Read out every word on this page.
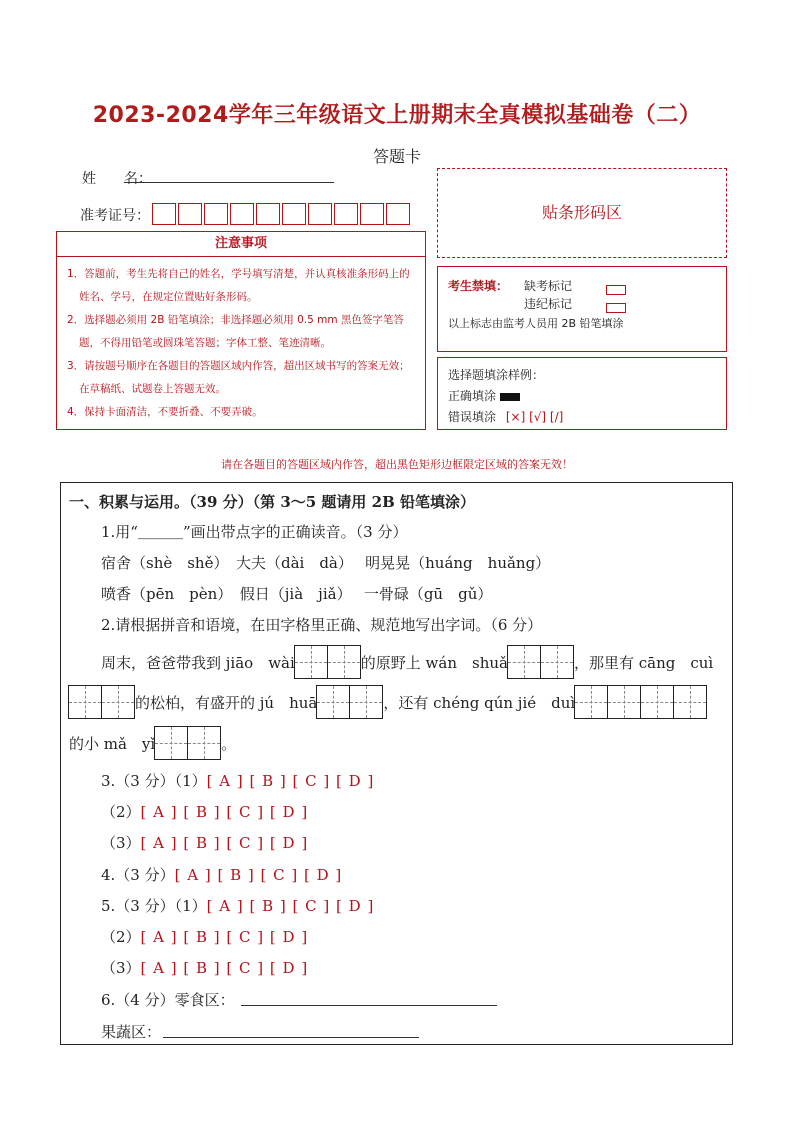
2023-2024学年三年级语文上册期末全真模拟基础卷（二）
答题卡
姓　　名：
准考证号：
注意事项
1．答题前，考生先将自己的姓名，学号填写清楚，并认真核准条形码上的姓名、学号，在规定位置贴好条形码。
2．选择题必须用 2B 铅笔填涂；非选择题必须用 0.5 mm 黑色签字笔答题，不得用铅笔或圆珠笔答题；字体工整、笔迹清晰。
3．请按题号顺序在各题目的答题区域内作答，超出区域书写的答案无效；在草稿纸、试题卷上答题无效。
4．保持卡面清洁，不要折叠、不要弄破。
贴条形码区
考生禁填： 缺考标记
违纪标记
以上标志由监考人员用 2B 铅笔填涂
选择题填涂样例：
正确填涂
错误填涂 [×] [√] [/]
请在各题目的答题区域内作答，超出黑色矩形边框限定区域的答案无效！
一、积累与运用。（39 分）（第 3～5 题请用 2B 铅笔填涂）
1.用“＿＿＿”画出带点字的正确读音。（3 分）
宿舍（shè　shě）　大夫（dài　dà）　 明晃晃（huáng　huǎng）
喷香（pēn　pèn）　假日（jià　jiǎ）　 一骨碌（gū　gǔ）
2.请根据拼音和语境，在田字格里正确、规范地写出字词。（6 分）
周末，爸爸带我到 jiāo　wài	的原野上 wán　shuǎ	，那里有 cāng　cuì
的松柏，有盛开的 jú　huā	，还有 chéng qún jié　duì
的小 mǎ　yǐ	。
3.（3 分）（1）[ A ] [ B ] [ C ] [ D ]
（2）[ A ] [ B ] [ C ] [ D ]
（3）[ A ] [ B ] [ C ] [ D ]
4.（3 分）[ A ] [ B ] [ C ] [ D ]
5.（3 分）（1）[ A ] [ B ] [ C ] [ D ]
（2）[ A ] [ B ] [ C ] [ D ]
（3）[ A ] [ B ] [ C ] [ D ]
6.（4 分）零食区：
果蔬区：
